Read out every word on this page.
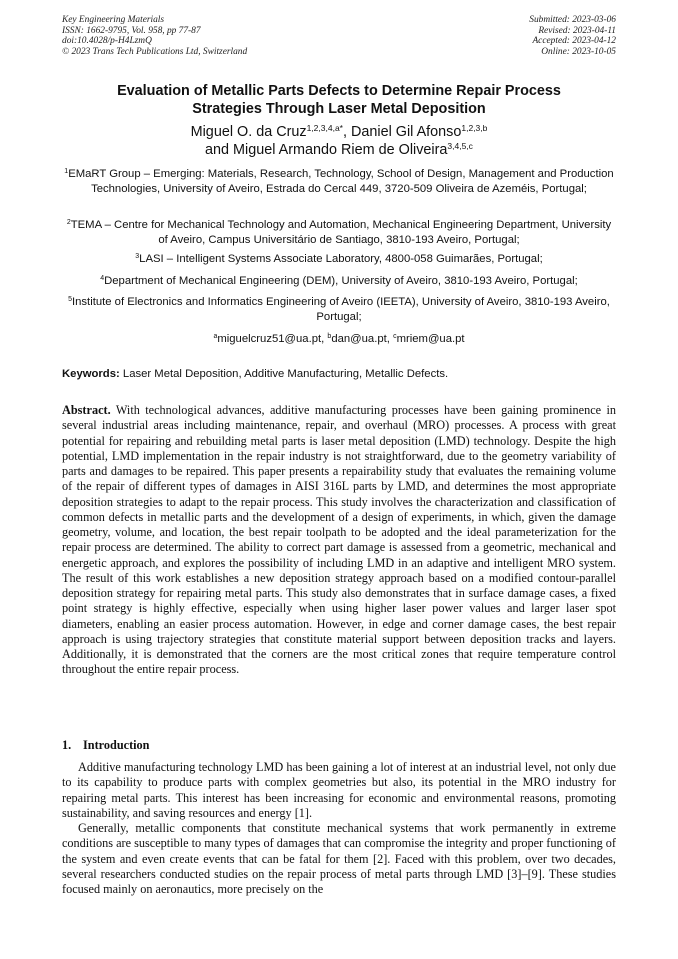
Key Engineering Materials
ISSN: 1662-9795, Vol. 958, pp 77-87
doi:10.4028/p-H4LzmQ
© 2023 Trans Tech Publications Ltd, Switzerland
Submitted: 2023-03-06
Revised: 2023-04-11
Accepted: 2023-04-12
Online: 2023-10-05
Evaluation of Metallic Parts Defects to Determine Repair Process
Strategies Through Laser Metal Deposition
Miguel O. da Cruz$^{1,2,3,4,a*}$, Daniel Gil Afonso$^{1,2,3,b}$
and Miguel Armando Riem de Oliveira$^{3,4,5,c}$
$^1$EMaRT Group – Emerging: Materials, Research, Technology, School of Design, Management and Production Technologies, University of Aveiro, Estrada do Cercal 449, 3720-509 Oliveira de Azeméis, Portugal;
$^2$TEMA – Centre for Mechanical Technology and Automation, Mechanical Engineering Department, University of Aveiro, Campus Universitário de Santiago, 3810-193 Aveiro, Portugal;
$^3$LASI – Intelligent Systems Associate Laboratory, 4800-058 Guimarães, Portugal;
$^4$Department of Mechanical Engineering (DEM), University of Aveiro, 3810-193 Aveiro, Portugal;
$^5$Institute of Electronics and Informatics Engineering of Aveiro (IEETA), University of Aveiro, 3810-193 Aveiro, Portugal;
$^a$miguelcruz51@ua.pt, $^b$dan@ua.pt, $^c$mriem@ua.pt
Keywords: Laser Metal Deposition, Additive Manufacturing, Metallic Defects.
Abstract. With technological advances, additive manufacturing processes have been gaining prominence in several industrial areas including maintenance, repair, and overhaul (MRO) processes. A process with great potential for repairing and rebuilding metal parts is laser metal deposition (LMD) technology. Despite the high potential, LMD implementation in the repair industry is not straightforward, due to the geometry variability of parts and damages to be repaired. This paper presents a repairability study that evaluates the remaining volume of the repair of different types of damages in AISI 316L parts by LMD, and determines the most appropriate deposition strategies to adapt to the repair process. This study involves the characterization and classification of common defects in metallic parts and the development of a design of experiments, in which, given the damage geometry, volume, and location, the best repair toolpath to be adopted and the ideal parameterization for the repair process are determined. The ability to correct part damage is assessed from a geometric, mechanical and energetic approach, and explores the possibility of including LMD in an adaptive and intelligent MRO system. The result of this work establishes a new deposition strategy approach based on a modified contour-parallel deposition strategy for repairing metal parts. This study also demonstrates that in surface damage cases, a fixed point strategy is highly effective, especially when using higher laser power values and larger laser spot diameters, enabling an easier process automation. However, in edge and corner damage cases, the best repair approach is using trajectory strategies that constitute material support between deposition tracks and layers. Additionally, it is demonstrated that the corners are the most critical zones that require temperature control throughout the entire repair process.
1. Introduction

Additive manufacturing technology LMD has been gaining a lot of interest at an industrial level, not only due to its capability to produce parts with complex geometries but also, its potential in the MRO industry for repairing metal parts. This interest has been increasing for economic and environmental reasons, promoting sustainability, and saving resources and energy [1].

Generally, metallic components that constitute mechanical systems that work permanently in extreme conditions are susceptible to many types of damages that can compromise the integrity and proper functioning of the system and even create events that can be fatal for them [2]. Faced with this problem, over two decades, several researchers conducted studies on the repair process of metal parts through LMD [3]–[9]. These studies focused mainly on aeronautics, more precisely on the
